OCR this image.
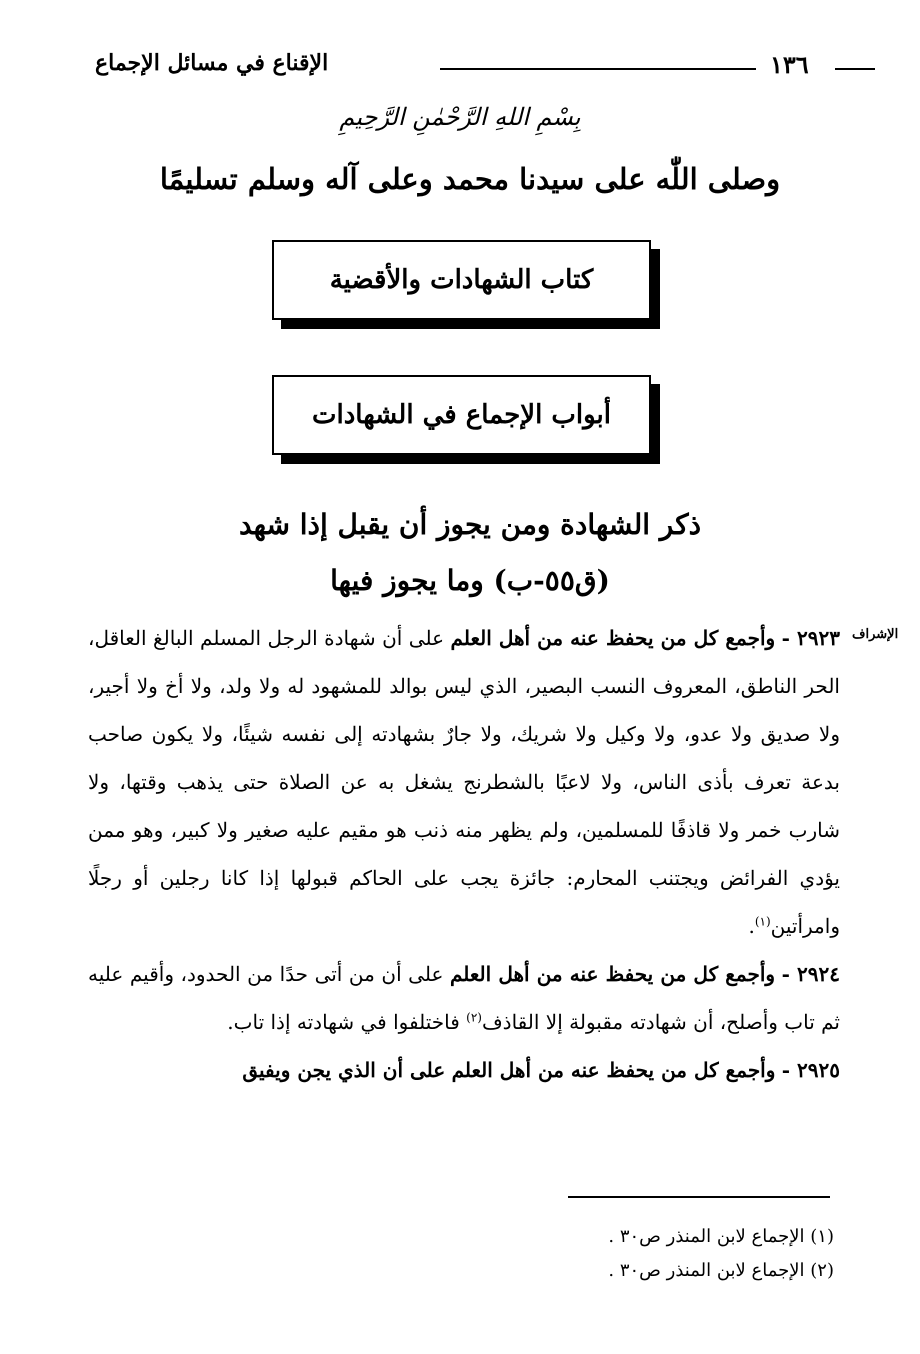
الإقناع في مسائل الإجماع	١٣٦
بِسْمِ اللهِ الرَّحْمٰنِ الرَّحِيمِ
وصلى اللّٰه على سيدنا محمد وعلى آله وسلم تسليمًا
كتاب الشهادات والأقضية
أبواب الإجماع في الشهادات
ذكر الشهادة ومن يجوز أن يقبل إذا شهد
(ق٥٥-ب) وما يجوز فيها
الإشراف

٢٩٢٣ - وأجمع كل من يحفظ عنه من أهل العلم على أن شهادة الرجل المسلم البالغ العاقل، الحر الناطق، المعروف النسب البصير، الذي ليس بوالد للمشهود له ولا ولد، ولا أخ ولا أجير، ولا صديق ولا عدو، ولا وكيل ولا شريك، ولا جارٌ بشهادته إلى نفسه شيئًا، ولا يكون صاحب بدعة تعرف بأذى الناس، ولا لاعبًا بالشطرنج يشغل به عن الصلاة حتى يذهب وقتها، ولا شارب خمر ولا قاذفًا للمسلمين، ولم يظهر منه ذنب هو مقيم عليه صغير ولا كبير، وهو ممن يؤدي الفرائض ويجتنب المحارم: جائزة يجب على الحاكم قبولها إذا كانا رجلين أو رجلًا وامرأتين$^{(١)}$.

٢٩٢٤ - وأجمع كل من يحفظ عنه من أهل العلم على أن من أتى حدًا من الحدود، وأقيم عليه ثم تاب وأصلح، أن شهادته مقبولة إلا القاذف$^{(٢)}$ فاختلفوا في شهادته إذا تاب.

٢٩٢٥ - وأجمع كل من يحفظ عنه من أهل العلم على أن الذي يجن ويفيق

(١) الإجماع لابن المنذر ص٣٠ .
(٢) الإجماع لابن المنذر ص٣٠ .
